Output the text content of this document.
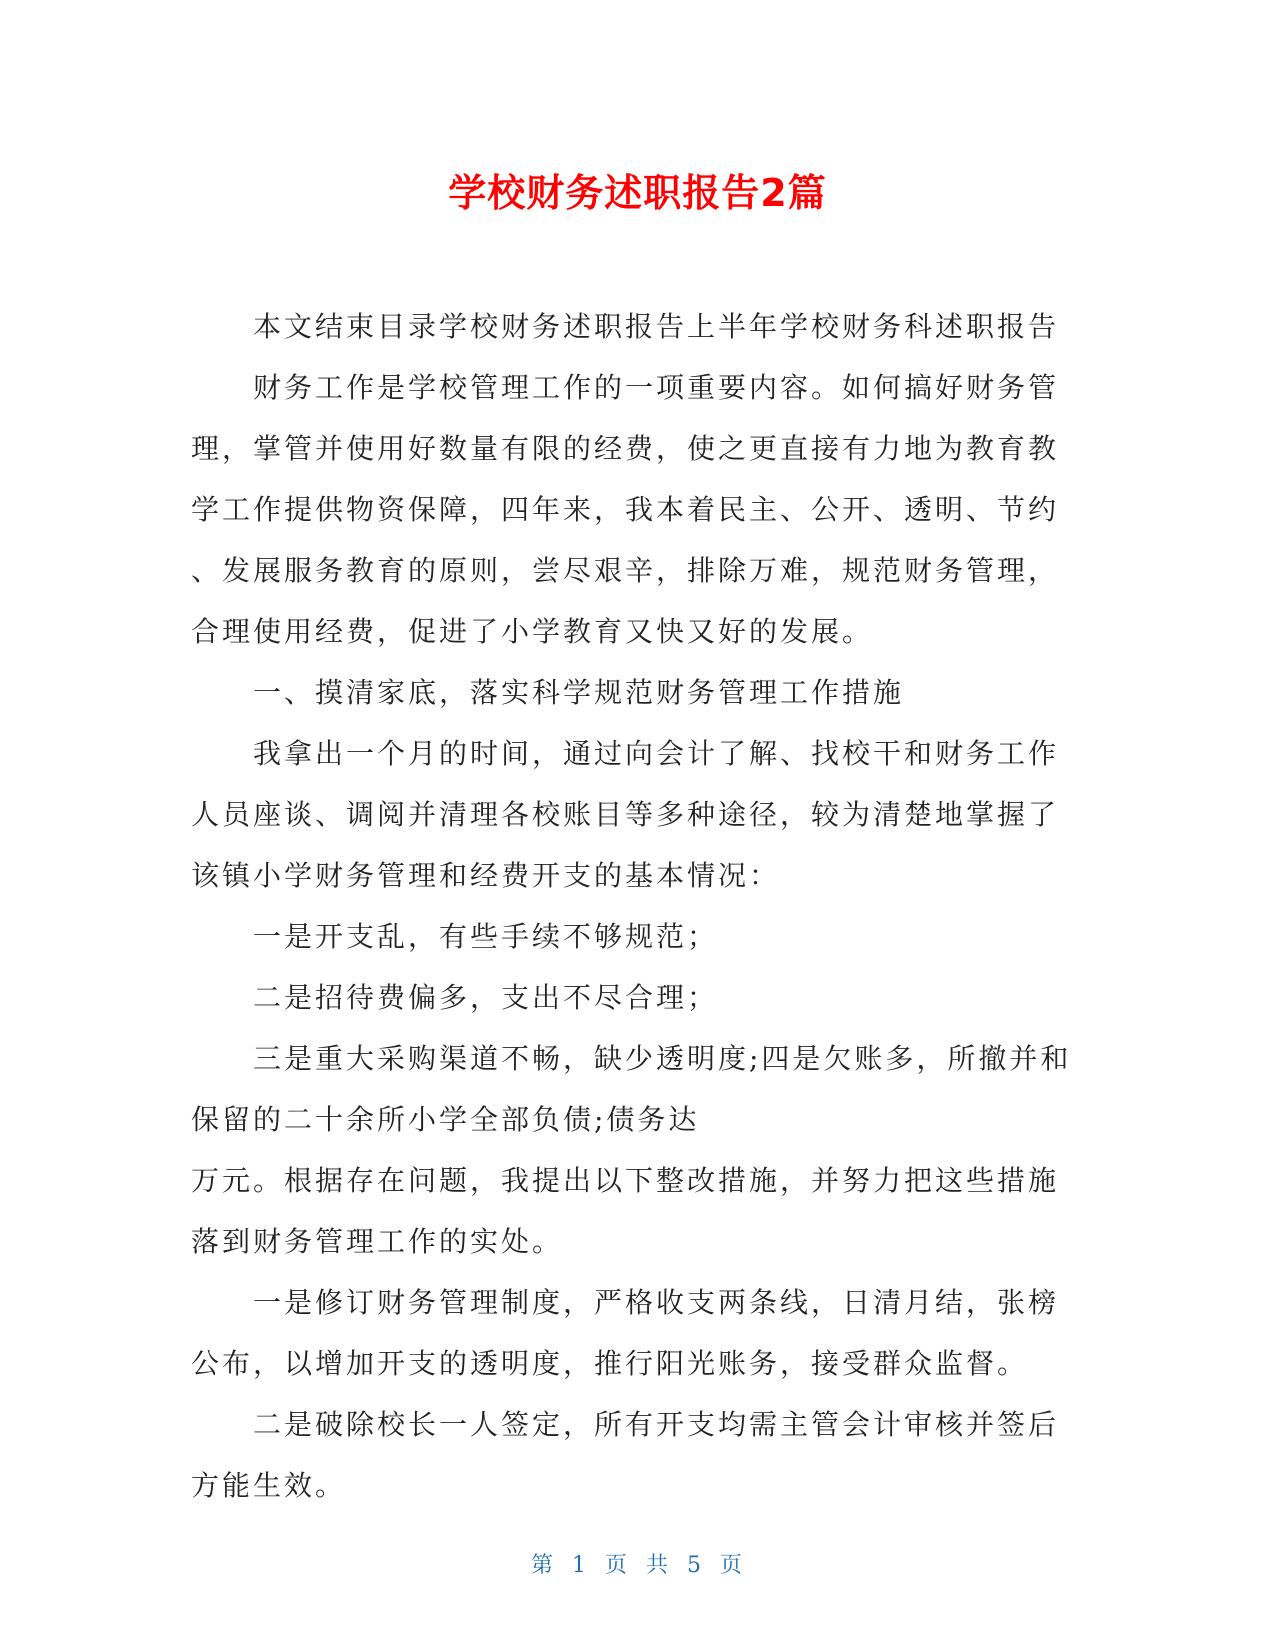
学校财务述职报告2篇

本文结束目录学校财务述职报告上半年学校财务科述职报告

财务工作是学校管理工作的一项重要内容。如何搞好财务管

理，掌管并使用好数量有限的经费，使之更直接有力地为教育教

学工作提供物资保障，四年来，我本着民主、公开、透明、节约

、发展服务教育的原则，尝尽艰辛，排除万难，规范财务管理，

合理使用经费，促进了小学教育又快又好的发展。

一、摸清家底，落实科学规范财务管理工作措施

我拿出一个月的时间，通过向会计了解、找校干和财务工作

人员座谈、调阅并清理各校账目等多种途径，较为清楚地掌握了

该镇小学财务管理和经费开支的基本情况：

一是开支乱，有些手续不够规范；

二是招待费偏多，支出不尽合理；

三是重大采购渠道不畅，缺少透明度;四是欠账多，所撤并和

保留的二十余所小学全部负债;债务达

万元。根据存在问题，我提出以下整改措施，并努力把这些措施

落到财务管理工作的实处。

一是修订财务管理制度，严格收支两条线，日清月结，张榜

公布，以增加开支的透明度，推行阳光账务，接受群众监督。

二是破除校长一人签定，所有开支均需主管会计审核并签后

方能生效。

第 1 页 共 5 页
